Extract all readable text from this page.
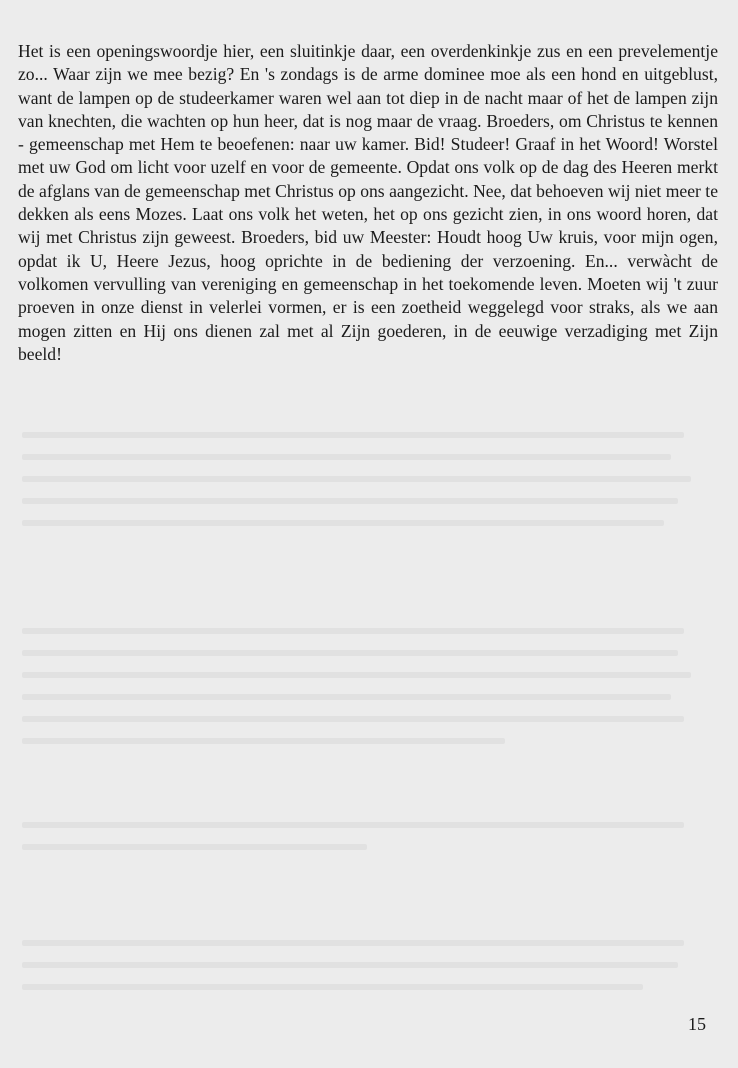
Het is een openingswoordje hier, een sluitinkje daar, een overdenkinkje zus en een prevelementje zo... Waar zijn we mee bezig? En 's zondags is de arme dominee moe als een hond en uitgeblust, want de lampen op de studeerkamer waren wel aan tot diep in de nacht maar of het de lampen zijn van knechten, die wachten op hun heer, dat is nog maar de vraag. Broeders, om Christus te kennen - gemeenschap met Hem te beoefenen: naar uw kamer. Bid! Studeer! Graaf in het Woord! Worstel met uw God om licht voor uzelf en voor de gemeente. Opdat ons volk op de dag des Heeren merkt de afglans van de gemeenschap met Christus op ons aangezicht. Nee, dat behoeven wij niet meer te dekken als eens Mozes. Laat ons volk het weten, het op ons gezicht zien, in ons woord horen, dat wij met Christus zijn geweest. Broeders, bid uw Meester: Houdt hoog Uw kruis, voor mijn ogen, opdat ik U, Heere Jezus, hoog oprichte in de bediening der verzoening. En... verwàcht de volkomen vervulling van vereniging en gemeenschap in het toekomende leven. Moeten wij 't zuur proeven in onze dienst in velerlei vormen, er is een zoetheid weggelegd voor straks, als we aan mogen zitten en Hij ons dienen zal met al Zijn goederen, in de eeuwige verzadiging met Zijn beeld!

15
